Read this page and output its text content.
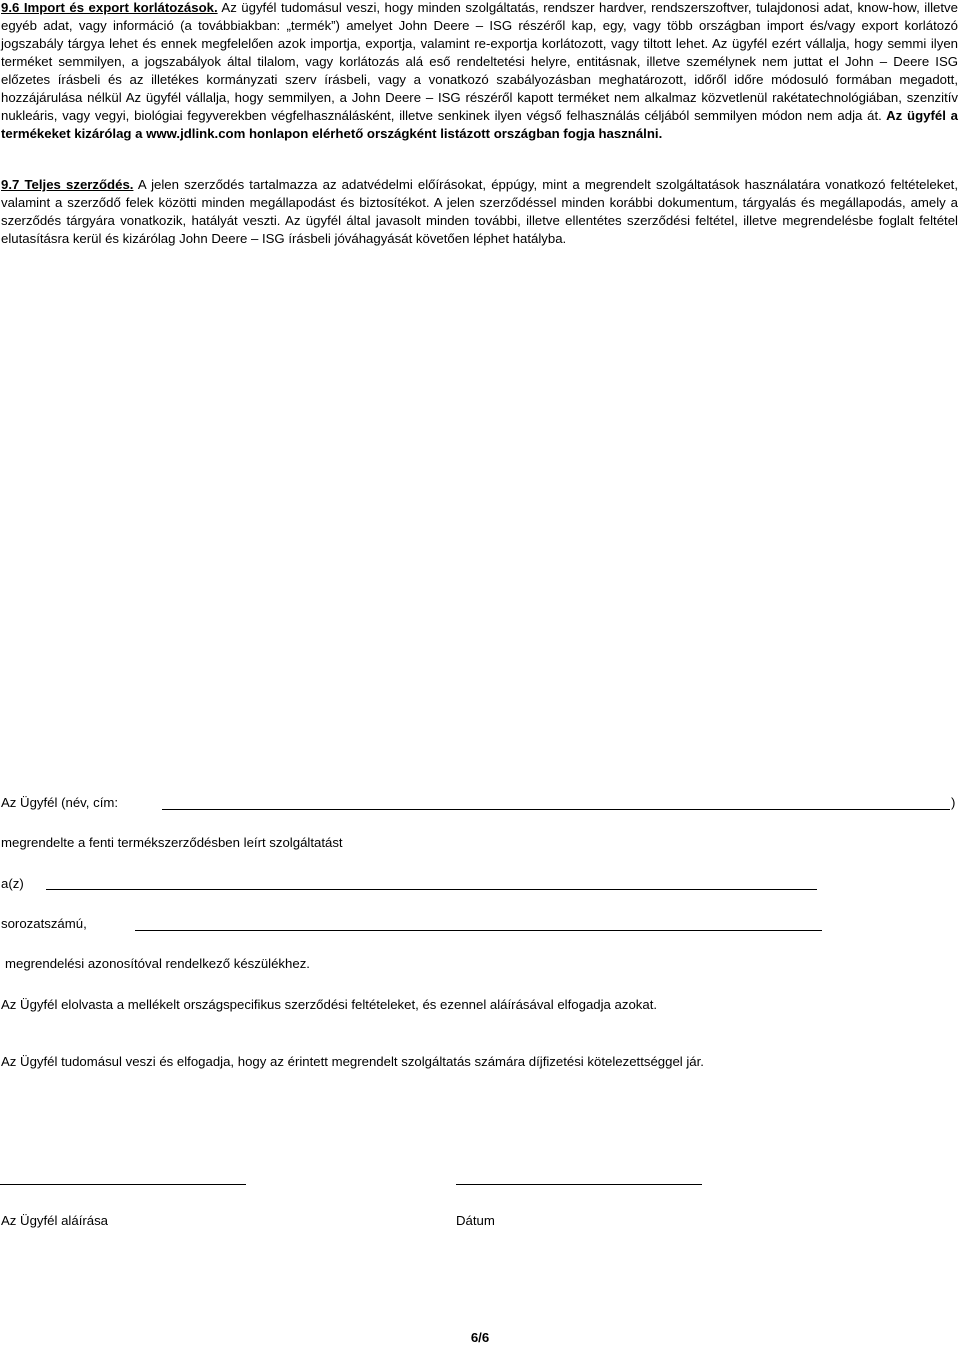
9.6 Import és export korlátozások. Az ügyfél tudomásul veszi, hogy minden szolgáltatás, rendszer hardver, rendszerszoftver, tulajdonosi adat, know-how, illetve egyéb adat, vagy információ (a továbbiakban: „termék”) amelyet John Deere – ISG részéről kap, egy, vagy több országban import és/vagy export korlátozó jogszabály tárgya lehet és ennek megfelelően azok importja, exportja, valamint re-exportja korlátozott, vagy tiltott lehet. Az ügyfél ezért vállalja, hogy semmi ilyen terméket semmilyen, a jogszabályok által tilalom, vagy korlátozás alá eső rendeltetési helyre, entitásnak, illetve személynek nem juttat el John – Deere ISG előzetes írásbeli és az illetékes kormányzati szerv írásbeli, vagy a vonatkozó szabályozásban meghatározott, időről időre módosuló formában megadott, hozzájárulása nélkül Az ügyfél vállalja, hogy semmilyen, a John Deere – ISG részéről kapott terméket nem alkalmaz közvetlenül rakétatechnológiában, szenzitív nukleáris, vagy vegyi, biológiai fegyverekben végfelhasználásként, illetve senkinek ilyen végső felhasználás céljából semmilyen módon nem adja át. Az ügyfél a termékeket kizárólag a www.jdlink.com honlapon elérhető országként listázott országban fogja használni.

9.7 Teljes szerződés. A jelen szerződés tartalmazza az adatvédelmi előírásokat, éppúgy, mint a megrendelt szolgáltatások használatára vonatkozó feltételeket, valamint a szerződő felek közötti minden megállapodást és biztosítékot. A jelen szerződéssel minden korábbi dokumentum, tárgyalás és megállapodás, amely a szerződés tárgyára vonatkozik, hatályát veszti. Az ügyfél által javasolt minden további, illetve ellentétes szerződési feltétel, illetve megrendelésbe foglalt feltétel elutasításra kerül és kizárólag John Deere – ISG írásbeli jóváhagyását követően léphet hatályba.

Az Ügyfél (név, cím:	)
megrendelte a fenti termékszerződésben leírt szolgáltatást
a(z)
sorozatszámú,
megrendelési azonosítóval rendelkező készülékhez.
Az Ügyfél elolvasta a mellékelt országspecifikus szerződési feltételeket, és ezennel aláírásával elfogadja azokat.
Az Ügyfél tudomásul veszi és elfogadja, hogy az érintett megrendelt szolgáltatás számára díjfizetési kötelezettséggel jár.
Az Ügyfél aláírása	Dátum
6/6
